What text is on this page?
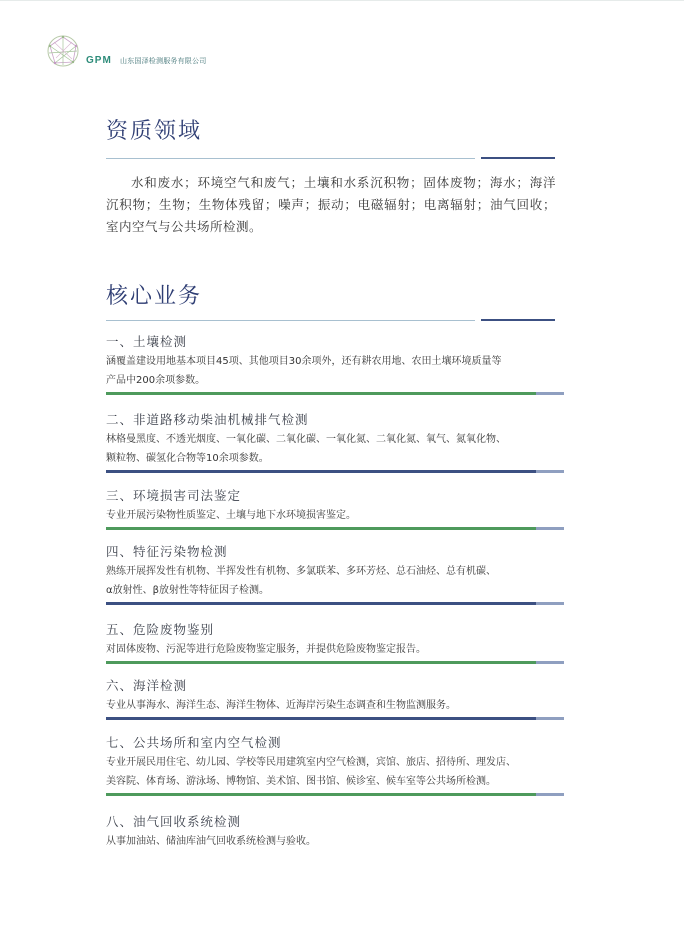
GPM 山东国泽检测服务有限公司
资质领域

水和废水；环境空气和废气；土壤和水系沉积物；固体废物；海水；海洋沉积物；生物；生物体残留；噪声；振动；电磁辐射；电离辐射；油气回收；室内空气与公共场所检测。

核心业务
一、土壤检测
涵覆盖建设用地基本项目45项、其他项目30余项外，还有耕农用地、农田土壤环境质量等
产品中200余项参数。
二、非道路移动柴油机械排气检测
林格曼黑度、不透光烟度、一氧化碳、二氧化碳、一氧化氮、二氧化氮、氧气、氮氧化物、
颗粒物、碳氢化合物等10余项参数。
三、环境损害司法鉴定
专业开展污染物性质鉴定、土壤与地下水环境损害鉴定。
四、特征污染物检测
熟练开展挥发性有机物、半挥发性有机物、多氯联苯、多环芳烃、总石油烃、总有机碳、
α放射性、β放射性等特征因子检测。
五、危险废物鉴别
对固体废物、污泥等进行危险废物鉴定服务，并提供危险废物鉴定报告。
六、海洋检测
专业从事海水、海洋生态、海洋生物体、近海岸污染生态调查和生物监测服务。
七、公共场所和室内空气检测
专业开展民用住宅、幼儿园、学校等民用建筑室内空气检测，宾馆、旅店、招待所、理发店、
美容院、体育场、游泳场、博物馆、美术馆、图书馆、候诊室、候车室等公共场所检测。
八、油气回收系统检测
从事加油站、储油库油气回收系统检测与验收。
